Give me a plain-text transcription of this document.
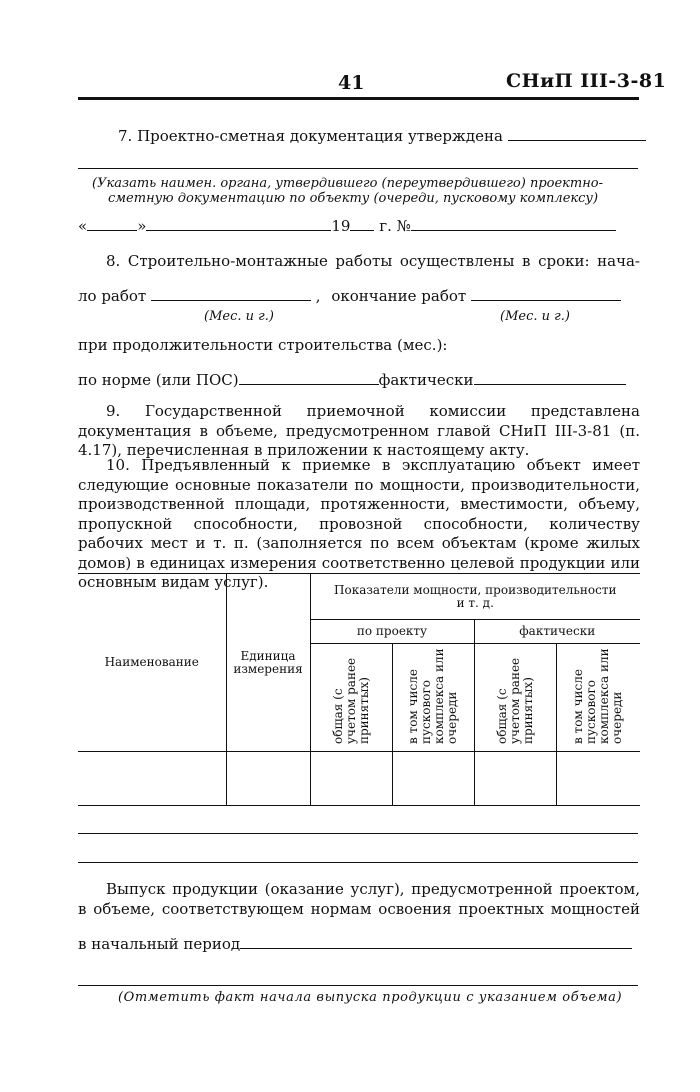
41	СНиП III-3-81
7. Проектно-сметная документация утверждена
(Указать наимен. органа, утвердившего (переутвердившего) проектно-
сметную документацию по объекту (очереди, пусковому комплексу)
«	»	19 г. №
8. Строительно-монтажные работы осуществлены в сроки: нача-
ло работ	, окончание работ
(Мес. и г.)	(Мес. и г.)
при продолжительности строительства (мес.):
по норме (или ПОС)	фактически
9. Государственной приемочной комиссии представлена документация в объеме, предусмотренном главой СНиП III-3-81 (п. 4.17), перечисленная в приложении к настоящему акту.
10. Предъявленный к приемке в эксплуатацию объект имеет следующие основные показатели по мощности, производительности, производственной площади, протяженности, вместимости, объему, пропускной способности, провозной способности, количеству рабочих мест и т. п. (заполняется по всем объектам (кроме жилых домов) в единицах измерения соответственно целевой продукции или основным видам услуг).
Наименование	Единица измерения	Показатели мощности, производительности и т. д.			
		по проекту		фактически	
		общая (с учетом ранее принятых)	в том числе пускового комплекса или очереди	общая (с учетом ранее принятых)	в том числе пускового комплекса или очереди

Выпуск продукции (оказание услуг), предусмотренной проектом,
в объеме, соответствующем нормам освоения проектных мощностей
в начальный период
(Отметить факт начала выпуска продукции с указанием объема)
